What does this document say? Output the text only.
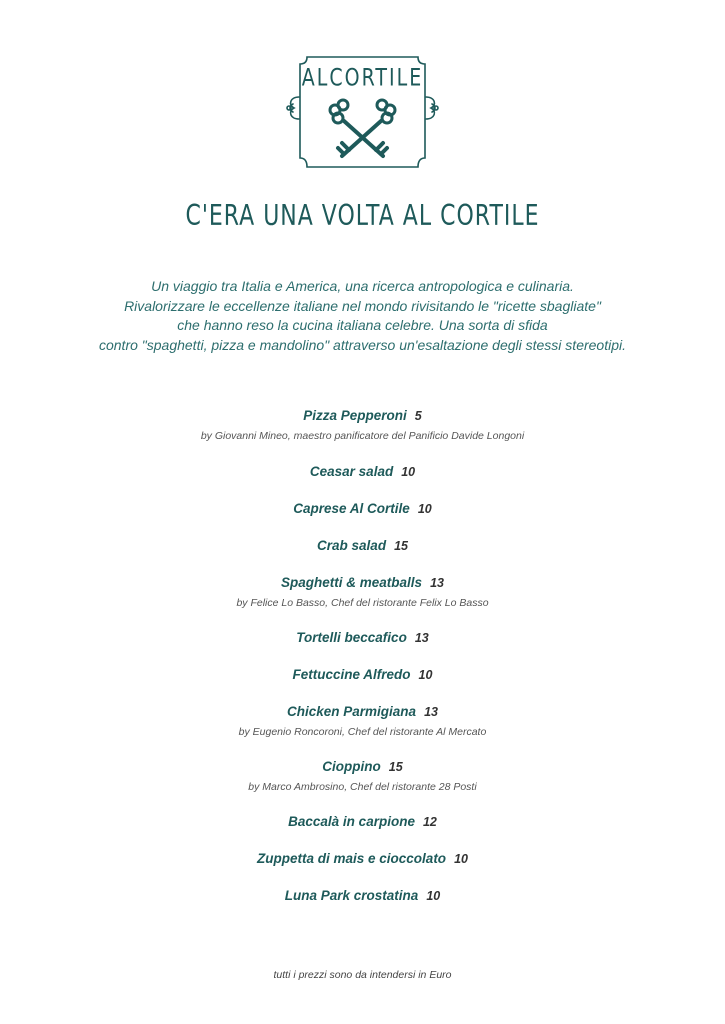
ALCORTILE
C'ERA UNA VOLTA AL CORTILE
Un viaggio tra Italia e America, una ricerca antropologica e culinaria.
Rivalorizzare le eccellenze italiane nel mondo rivisitando le "ricette sbagliate"
che hanno reso la cucina italiana celebre. Una sorta di sfida
contro "spaghetti, pizza e mandolino" attraverso un'esaltazione degli stessi stereotipi.
Pizza Pepperoni 5
by Giovanni Mineo, maestro panificatore del Panificio Davide Longoni
Ceasar salad 10
Caprese Al Cortile 10
Crab salad 15
Spaghetti & meatballs 13
by Felice Lo Basso, Chef del ristorante Felix Lo Basso
Tortelli beccafico 13
Fettuccine Alfredo 10
Chicken Parmigiana 13
by Eugenio Roncoroni, Chef del ristorante Al Mercato
Cioppino 15
by Marco Ambrosino, Chef del ristorante 28 Posti
Baccalà in carpione 12
Zuppetta di mais e cioccolato 10
Luna Park crostatina 10
tutti i prezzi sono da intendersi in Euro
